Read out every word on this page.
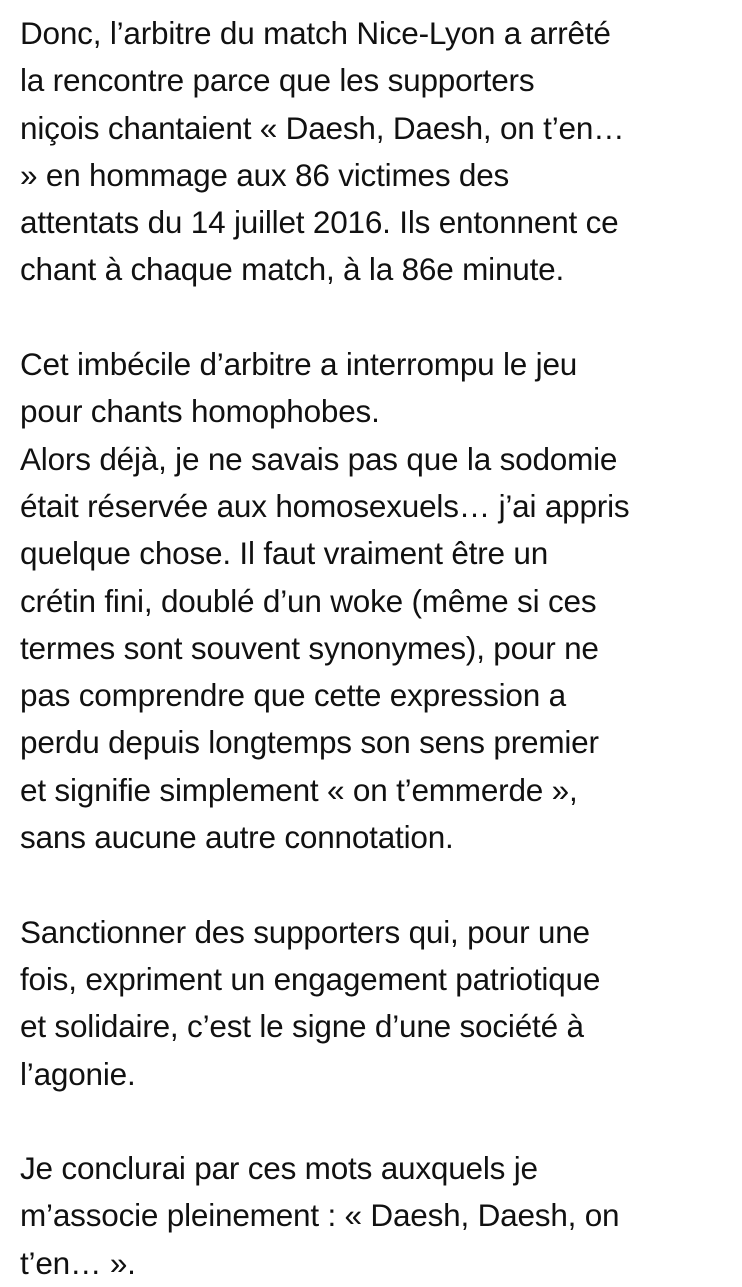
Donc, l’arbitre du match Nice-Lyon a arrêté
la rencontre parce que les supporters
niçois chantaient « Daesh, Daesh, on t’en…
» en hommage aux 86 victimes des
attentats du 14 juillet 2016. Ils entonnent ce
chant à chaque match, à la 86e minute.
Cet imbécile d’arbitre a interrompu le jeu
pour chants homophobes.
Alors déjà, je ne savais pas que la sodomie
était réservée aux homosexuels… j’ai appris
quelque chose. Il faut vraiment être un
crétin fini, doublé d’un woke (même si ces
termes sont souvent synonymes), pour ne
pas comprendre que cette expression a
perdu depuis longtemps son sens premier
et signifie simplement « on t’emmerde »,
sans aucune autre connotation.
Sanctionner des supporters qui, pour une
fois, expriment un engagement patriotique
et solidaire, c’est le signe d’une société à
l’agonie.
Je conclurai par ces mots auxquels je
m’associe pleinement : « Daesh, Daesh, on
t’en… ».
